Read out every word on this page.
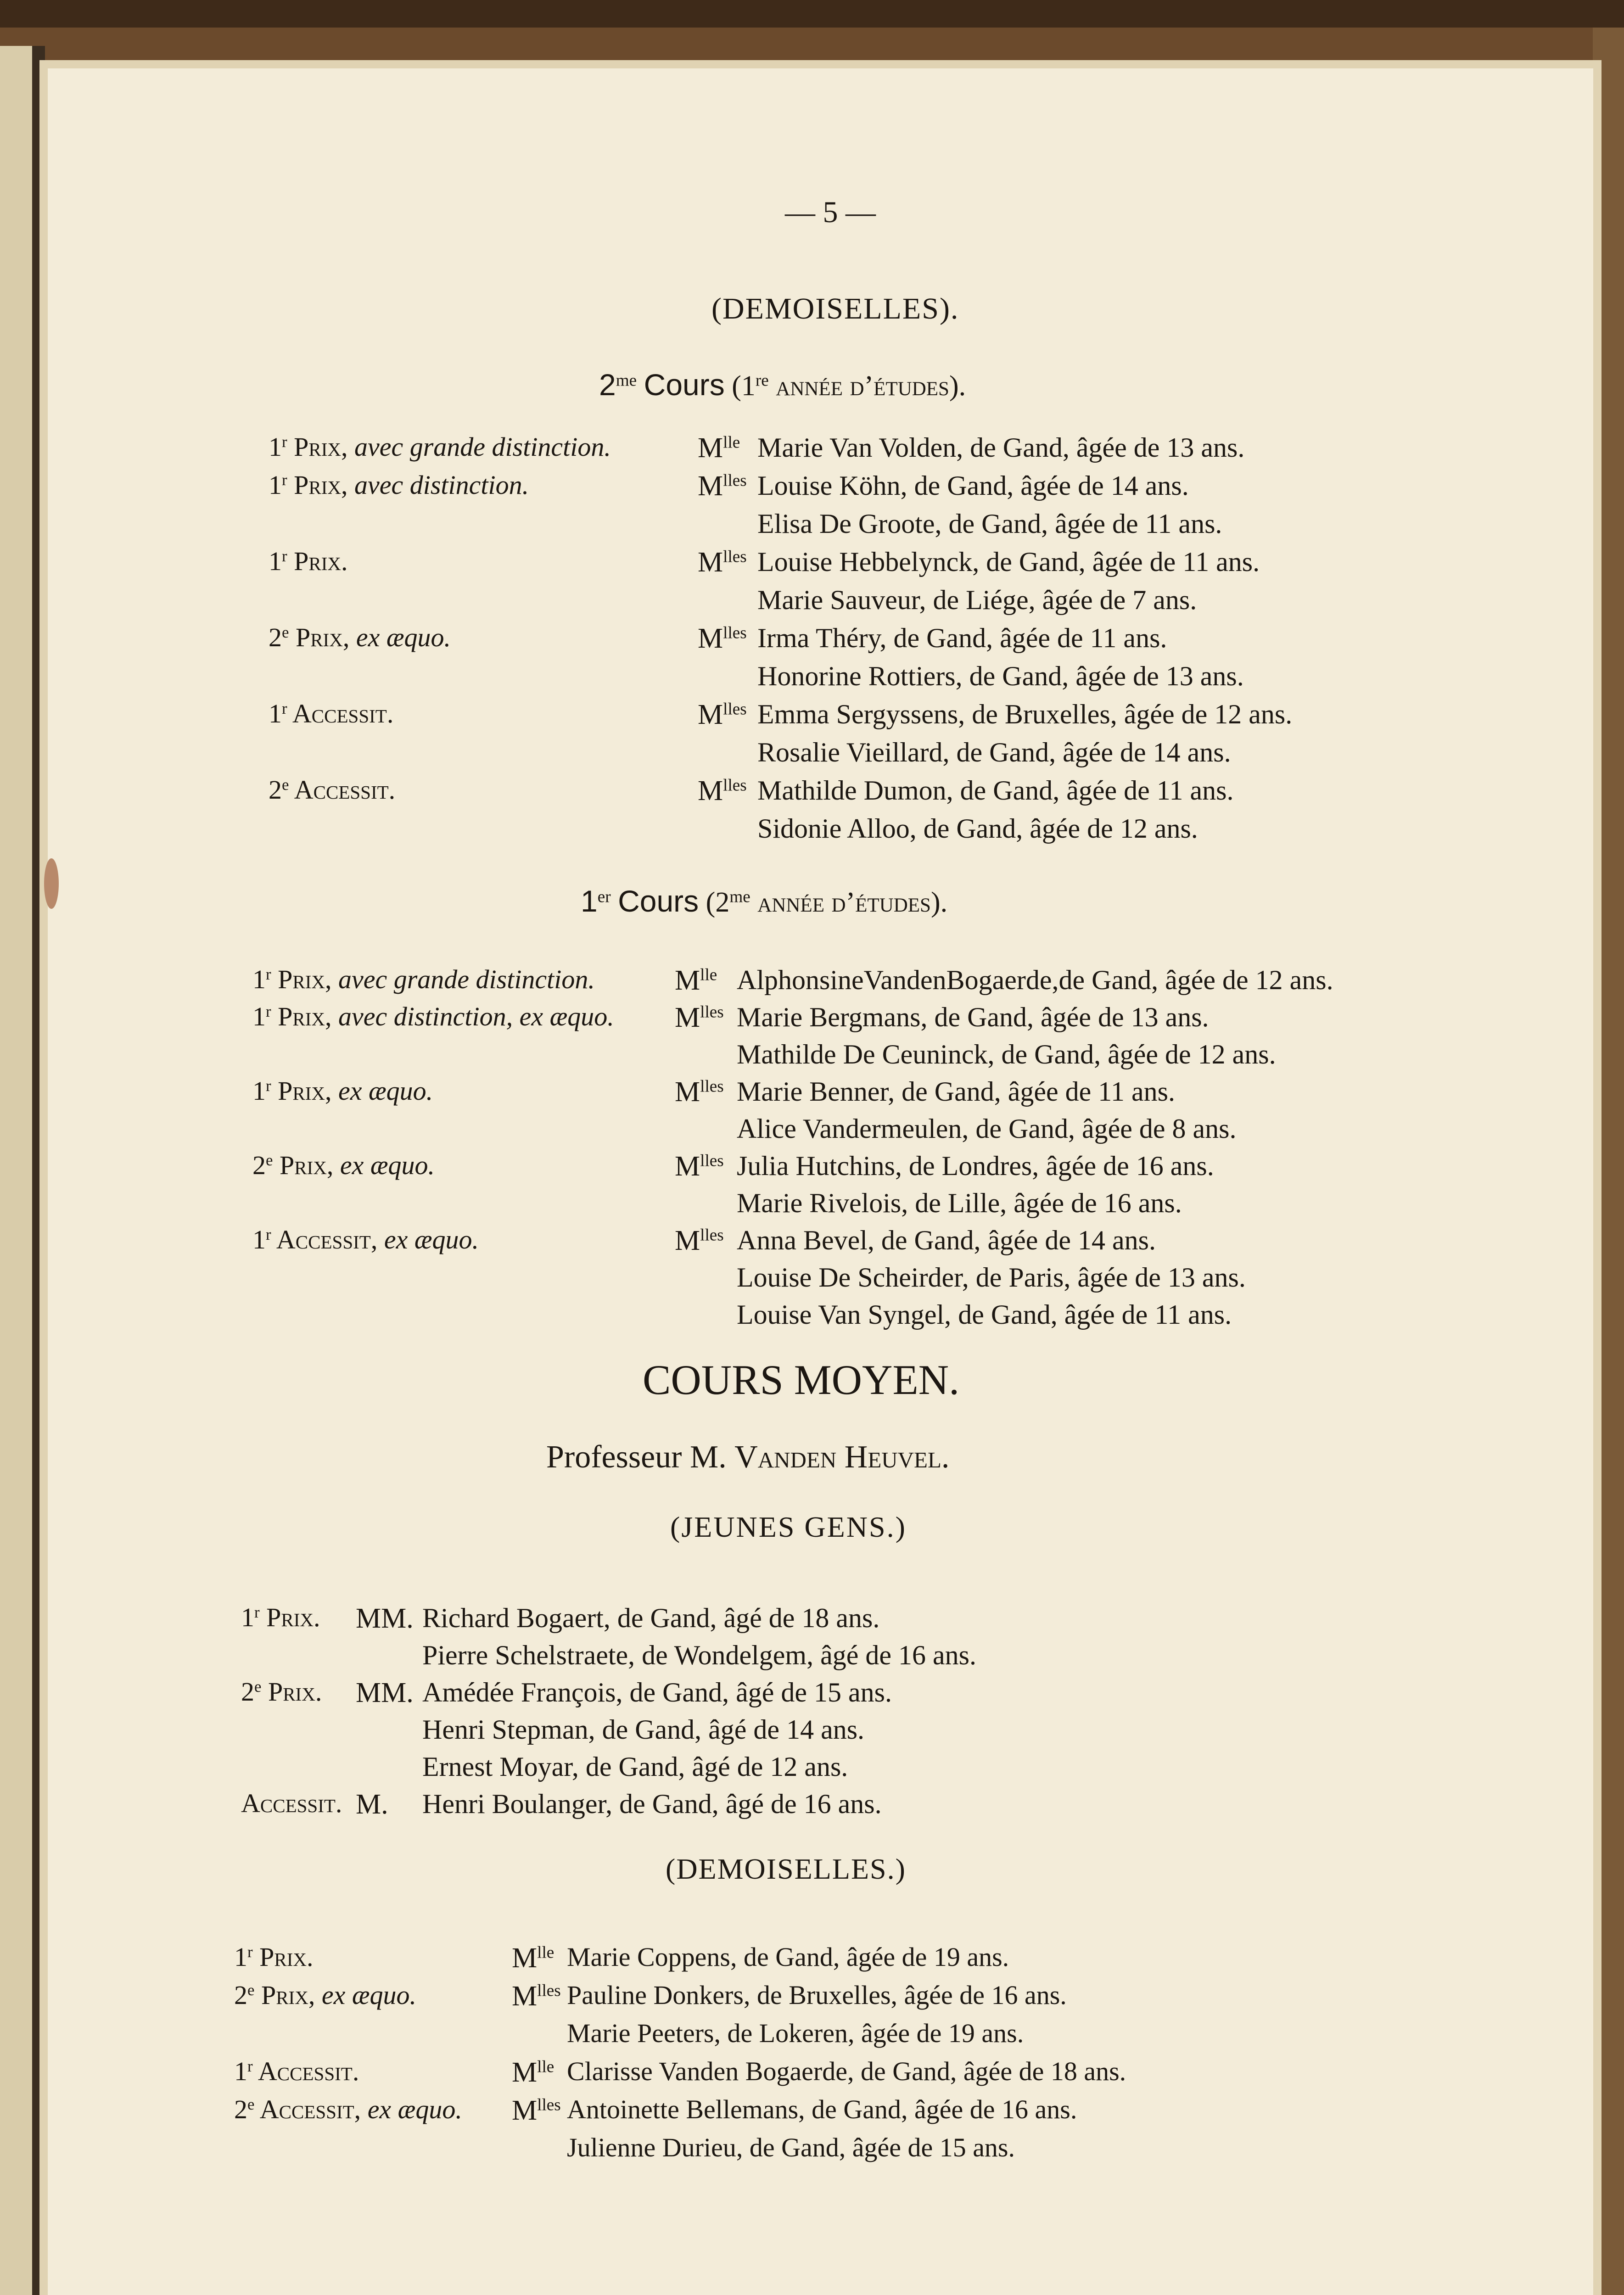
— 5 —
(DEMOISELLES).
$2^{me}$ Cours (1re année d’études).
1$^r$ Prix, avec grande distinction.	$M^{lle}$ Marie Van Volden, de Gand, âgée de 13 ans.
1$^r$ Prix, avec distinction.	$M^{lles}$ Louise Köhn, de Gand, âgée de 14 ans.
Elisa De Groote, de Gand, âgée de 11 ans.
1$^r$ Prix.	$M^{lles}$ Louise Hebbelynck, de Gand, âgée de 11 ans.
Marie Sauveur, de Liége, âgée de 7 ans.
2e Prix, ex æquo.	$M^{lles}$ Irma Théry, de Gand, âgée de 11 ans.
Honorine Rottiers, de Gand, âgée de 13 ans.
1$^r$ Accessit.	$M^{lles}$ Emma Sergyssens, de Bruxelles, âgée de 12 ans.
Rosalie Vieillard, de Gand, âgée de 14 ans.
2e Accessit.	$M^{lles}$ Mathilde Dumon, de Gand, âgée de 11 ans.
Sidonie Alloo, de Gand, âgée de 12 ans.
1er Cours ($2^{me}$ année d’études).
1$^r$ Prix, avec grande distinction.	$M^{lle}$ AlphonsineVandenBogaerde,de Gand, âgée de 12 ans.
1$^r$ Prix, avec distinction, ex æquo. $M^{lles}$ Marie Bergmans, de Gand, âgée de 13 ans.
Mathilde De Ceuninck, de Gand, âgée de 12 ans.
1$^r$ Prix, ex æquo.	$M^{lles}$ Marie Benner, de Gand, âgée de 11 ans.
Alice Vandermeulen, de Gand, âgée de 8 ans.
2e Prix, ex æquo.	$M^{lles}$ Julia Hutchins, de Londres, âgée de 16 ans.
Marie Rivelois, de Lille, âgée de 16 ans.
1$^r$ Accessit, ex æquo.	$M^{lles}$ Anna Bevel, de Gand, âgée de 14 ans.
Louise De Scheirder, de Paris, âgée de 13 ans.
Louise Van Syngel, de Gand, âgée de 11 ans.
COURS MOYEN.
Professeur M. Vanden Heuvel.
(JEUNES GENS.)
1$^r$ Prix. MM. Richard Bogaert, de Gand, âgé de 18 ans.
Pierre Schelstraete, de Wondelgem, âgé de 16 ans.
2e Prix. MM. Amédée François, de Gand, âgé de 15 ans.
Henri Stepman, de Gand, âgé de 14 ans.
Ernest Moyar, de Gand, âgé de 12 ans.
Accessit. M. Henri Boulanger, de Gand, âgé de 16 ans.
(DEMOISELLES.)
1$^r$ Prix.	$M^{lle}$ Marie Coppens, de Gand, âgée de 19 ans.
2e Prix, ex æquo.	$M^{lles}$ Pauline Donkers, de Bruxelles, âgée de 16 ans.
Marie Peeters, de Lokeren, âgée de 19 ans.
1$^r$ Accessit.	$M^{lle}$ Clarisse Vanden Bogaerde, de Gand, âgée de 18 ans.
2e Accessit, ex æquo. $M^{lles}$ Antoinette Bellemans, de Gand, âgée de 16 ans.
Julienne Durieu, de Gand, âgée de 15 ans.
